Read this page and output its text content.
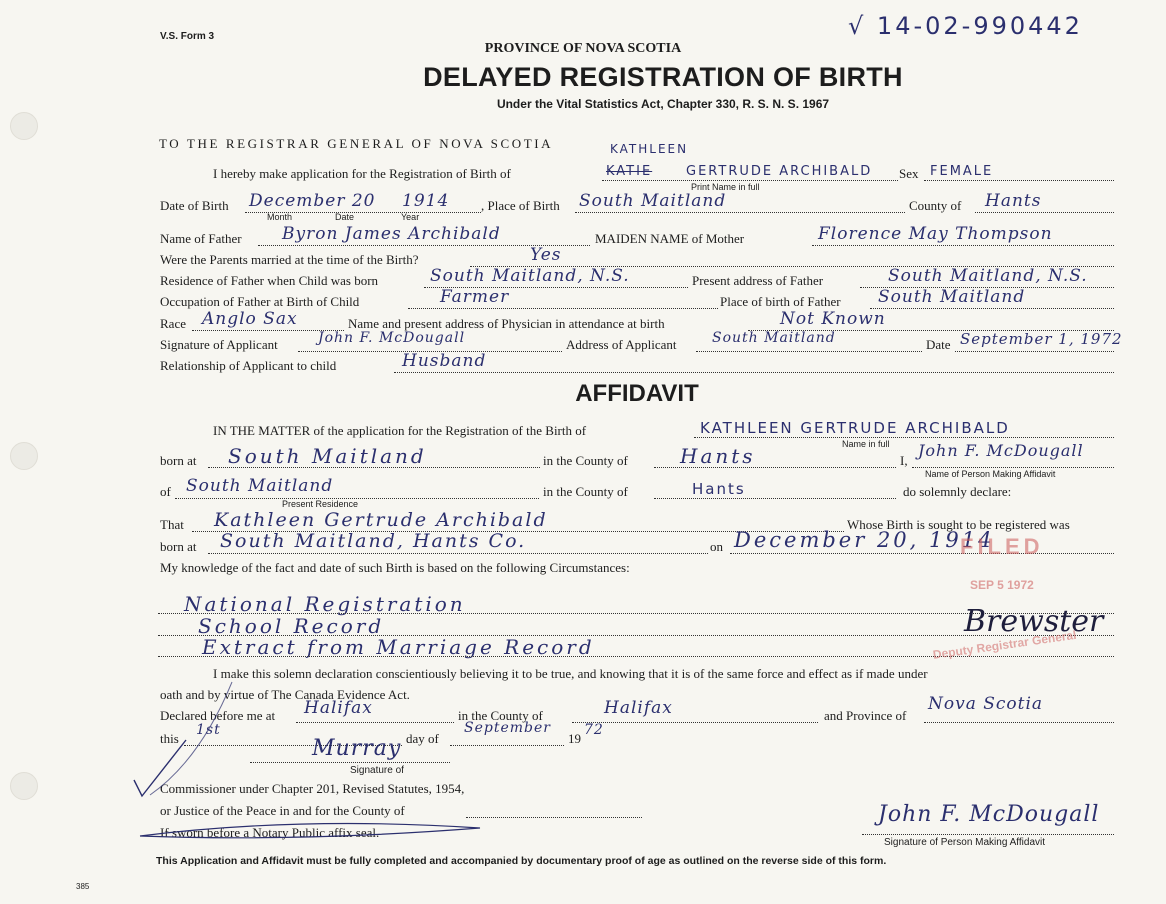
V.S. Form 3	√ 14-02-990442
PROVINCE OF NOVA SCOTIA
DELAYED REGISTRATION OF BIRTH
Under the Vital Statistics Act, Chapter 330, R. S. N. S. 1967
TO THE REGISTRAR GENERAL OF NOVA SCOTIA
I hereby make application for the Registration of Birth of
KATHLEEN
KATIE	GERTRUDE ARCHIBALD Sex FEMALE
Print Name in full
Date of Birth December 20 1914
Month	Date	Year
, Place of Birth South Maitland	County of Hants
Name of Father Byron James Archibald	MAIDEN NAME of Mother	Florence May Thompson
Were the Parents married at the time of the Birth?	Yes
Residence of Father when Child was born	South Maitland, N.S.	Present address of Father	South Maitland, N.S.
Occupation of Father at Birth of Child	Farmer	Place of birth of Father South Maitland
Race Anglo Sax	Name and present address of Physician in attendance at birth	Not Known
Signature of Applicant	John F. McDougall	Address of Applicant	South Maitland	Date September 1, 1972
Relationship of Applicant to child	Husband
AFFIDAVIT
IN THE MATTER of the application for the Registration of the Birth of	KATHLEEN GERTRUDE ARCHIBALD
Name in full
born at South Maitland	in the County of	Hants	I,
John F. McDougall
Name of Person Making Affidavit
of South Maitland
Present Residence
in the County of	Hants	do solemnly declare:
That Kathleen Gertrude Archibald	Whose Birth is sought to be registered was
born at South Maitland, Hants Co.	on December 20, 1914
My knowledge of the fact and date of such Birth is based on the following Circumstances:
National Registration
School Record
Extract from Marriage Record
FILED
SEP 5 1972
Deputy Registrar General
Brewster
I make this solemn declaration conscientiously believing it to be true, and knowing that it is of the same force and effect as if made under
oath and by virtue of The Canada Evidence Act.
Declared before me at Halifax	in the County of	Halifax	and Province of
Nova Scotia
this
1st
day of
September
19
72
Murray
Signature of
Commissioner under Chapter 201, Revised Statutes, 1954,
or Justice of the Peace in and for the County of
If sworn before a Notary Public affix seal.
John F. McDougall
Signature of Person Making Affidavit
This Application and Affidavit must be fully completed and accompanied by documentary proof of age as outlined on the reverse side of this form.
385
